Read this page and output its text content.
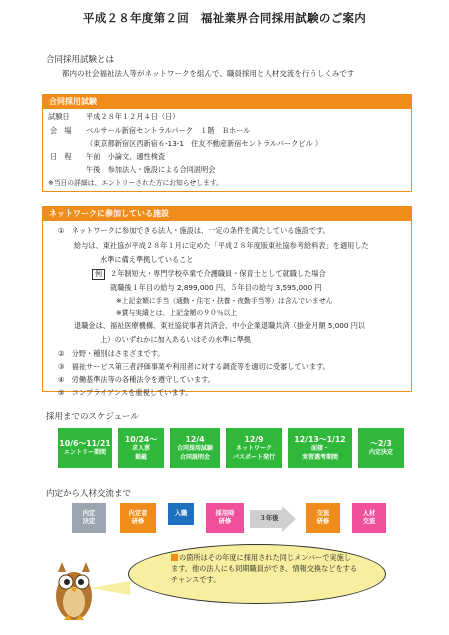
平成２８年度第２回　福祉業界合同採用試験のご案内
合同採用試験とは
都内の社会福祉法人等がネットワークを組んで、職員採用と人材交流を行うしくみです
合同採用試験
試験日 平成２８年１２月４日（日）
会　場 ベルサール新宿セントラルパーク　１階　Ｂホール
（東京都新宿区西新宿６-13-1　住友不動産新宿セントラルパークビル ）
日　程 午前　小論文、適性検査
午後　参加法人・施設による合同説明会
※当日の詳細は、エントリーされた方にお知らせします。
ネットワークに参加している施設
①　ネットワークに参加できる法人・施設は、一定の条件を満たしている施設です。
給与は、東社協が平成２８年１月に定めた「平成２８年度版東社協参考給料表」を適用した
水準に備え準拠していること
例	２年制短大・専門学校卒業で介護職員・保育士として就職した場合
就職後１年目の給与 2,899,000 円、５年目の給与 3,595,000 円
※上記金額に手当（通勤・住宅・扶養・夜勤手当等）は含んでいません
※賞与実績とは、上記金額の９０％以上
退職金は、福祉医療機構、東社協従事者共済会、中小企業退職共済（掛金月額 5,000 円以
上）のいずれかに加入あるいはその水準に準拠
②　分野・種別はさまざまです。
③　福祉サービス第三者評価事業や利用者に対する調査等を適切に受審しています。
④　労働基準法等の各種法令を遵守しています。
⑤　コンプライアンスを重視しています。
採用までのスケジュール
10/6～11/21
エントリー期間
10/24～
求人票
掲載
12/4
合同採用試験
合同説明会
12/9
ネットワーク
パスポート発行
12/13～1/12
面接・
実習選考期間
～2/3
内定決定
内定から人材交流まで
内定
決定
内定者
研修
入職	採用時
研修	３年後
交流
研修
人材
交流
の箇所はその年度に採用された同じメンバーで実施します。他の法人にも同期職員ができ、情報交換などをするチャンスです。
